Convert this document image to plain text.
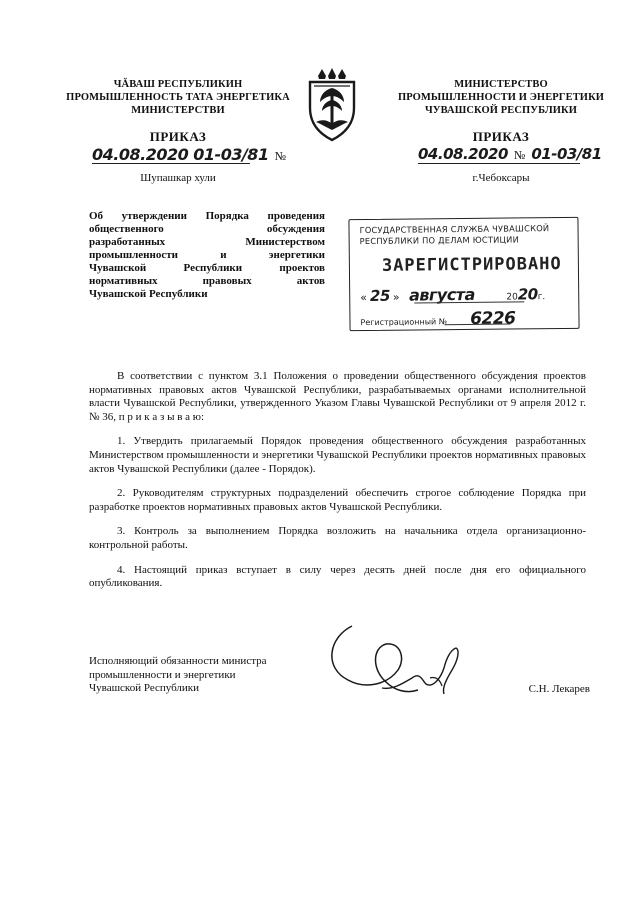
ЧĂВАШ РЕСПУБЛИКИН
ПРОМЫШЛЕННОСТЬ ТАТА ЭНЕРГЕТИКА
МИНИСТЕРСТВИ
ПРИКАЗ
04.08.2020 01-03/81 №
Шупашкар хули
МИНИСТЕРСТВО
ПРОМЫШЛЕННОСТИ И ЭНЕРГЕТИКИ
ЧУВАШСКОЙ РЕСПУБЛИКИ
ПРИКАЗ
04.08.2020 № 01-03/81
г.Чебоксары
Об утверждении Порядка проведения
общественного обсуждения
разработанных Министерством
промышленности и энергетики
Чувашской Республики проектов
нормативных правовых актов
Чувашской Республики
ГОСУДАРСТВЕННАЯ СЛУЖБА ЧУВАШСКОЙ
РЕСПУБЛИКИ ПО ДЕЛАМ ЮСТИЦИИ
ЗАРЕГИСТРИРОВАНО
« 25 » августа	2020г.
Регистрационный № 6226

В соответствии с пунктом 3.1 Положения о проведении общественного обсуждения проектов нормативных правовых актов Чувашской Республики, разрабатываемых органами исполнительной власти Чувашской Республики, утвержденного Указом Главы Чувашской Республики от 9 апреля 2012 г. № 36, п р и к а з ы в а ю:

1. Утвердить прилагаемый Порядок проведения общественного обсуждения разработанных Министерством промышленности и энергетики Чувашской Республики проектов нормативных правовых актов Чувашской Республики (далее - Порядок).

2. Руководителям структурных подразделений обеспечить строгое соблюдение Порядка при разработке проектов нормативных правовых актов Чувашской Республики.

3. Контроль за выполнением Порядка возложить на начальника отдела организационно-контрольной работы.

4. Настоящий приказ вступает в силу через десять дней после дня его официального опубликования.

Исполняющий обязанности министра
промышленности и энергетики
Чувашской Республики	С.Н. Лекарев
